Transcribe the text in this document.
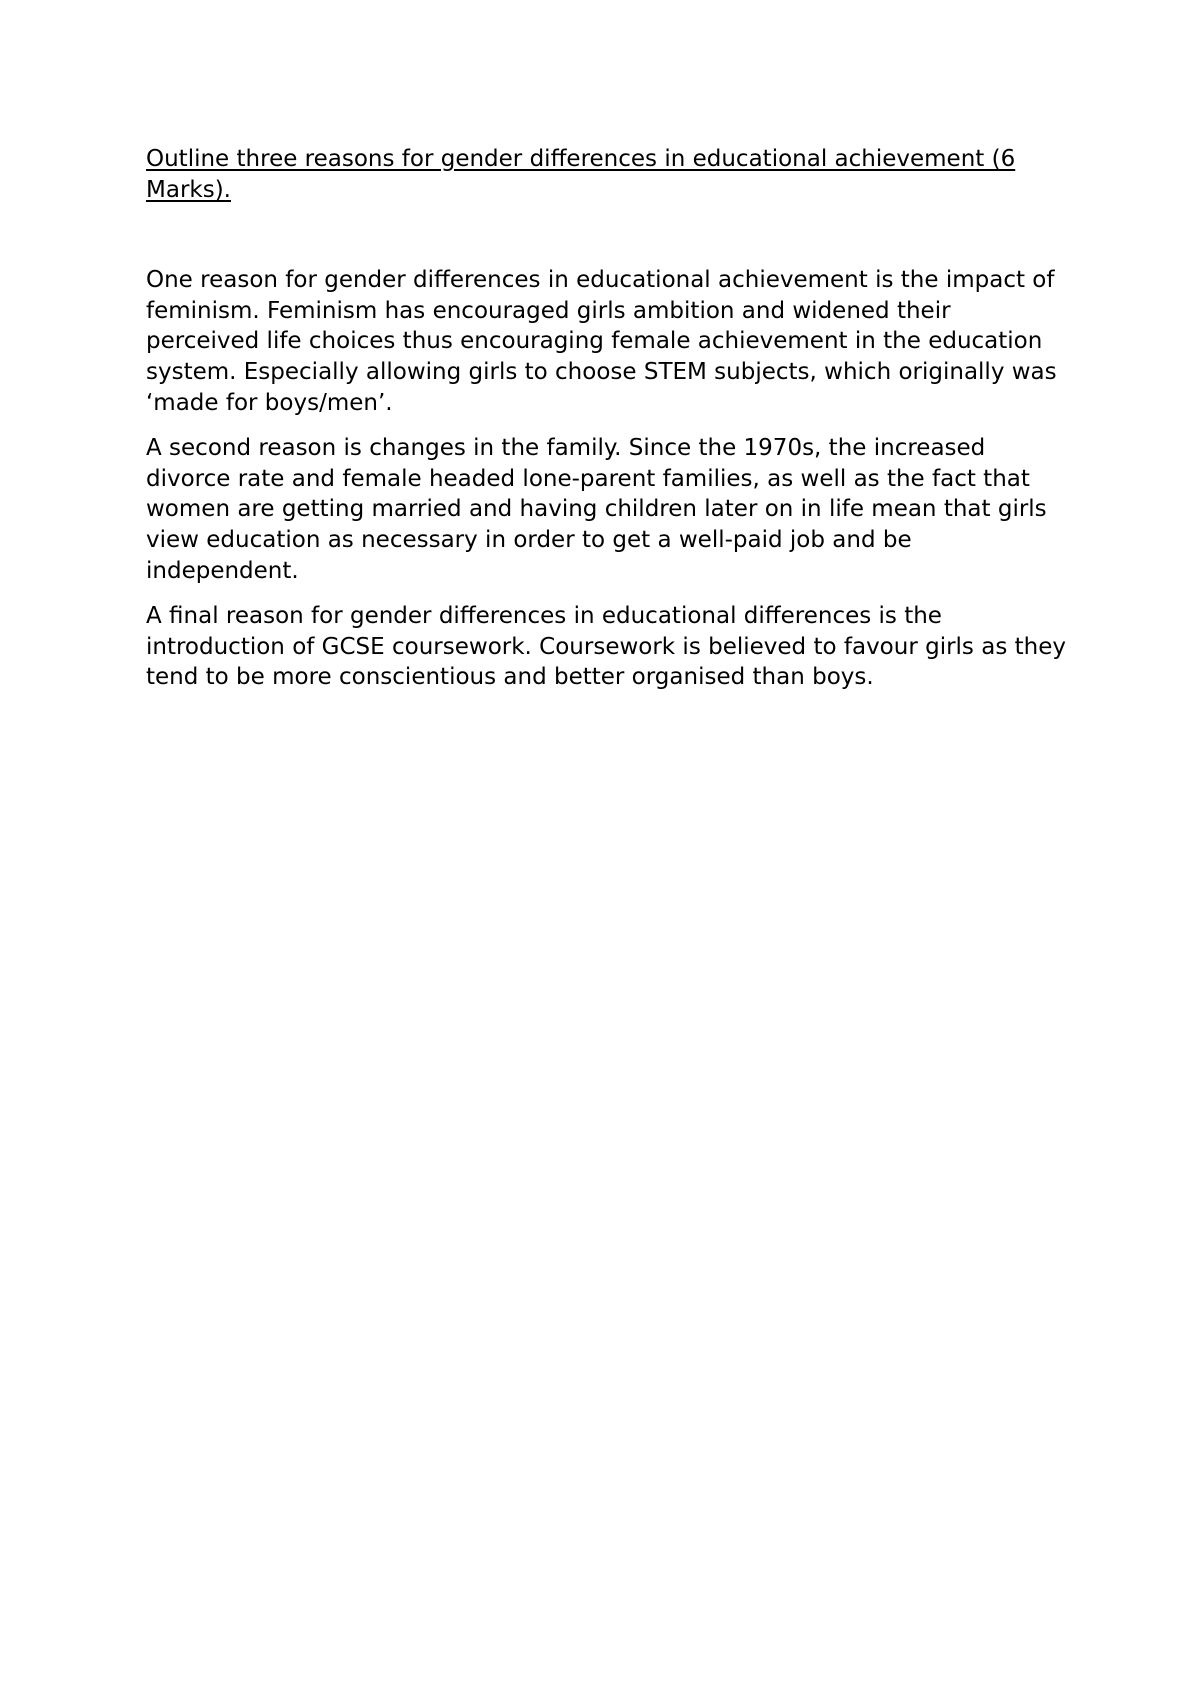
Outline three reasons for gender differences in educational achievement (6 Marks).

One reason for gender differences in educational achievement is the impact of feminism. Feminism has encouraged girls ambition and widened their perceived life choices thus encouraging female achievement in the education system. Especially allowing girls to choose STEM subjects, which originally was ‘made for boys/men’.

A second reason is changes in the family. Since the 1970s, the increased divorce rate and female headed lone-parent families, as well as the fact that women are getting married and having children later on in life mean that girls view education as necessary in order to get a well-paid job and be independent.

A final reason for gender differences in educational differences is the introduction of GCSE coursework. Coursework is believed to favour girls as they tend to be more conscientious and better organised than boys.
